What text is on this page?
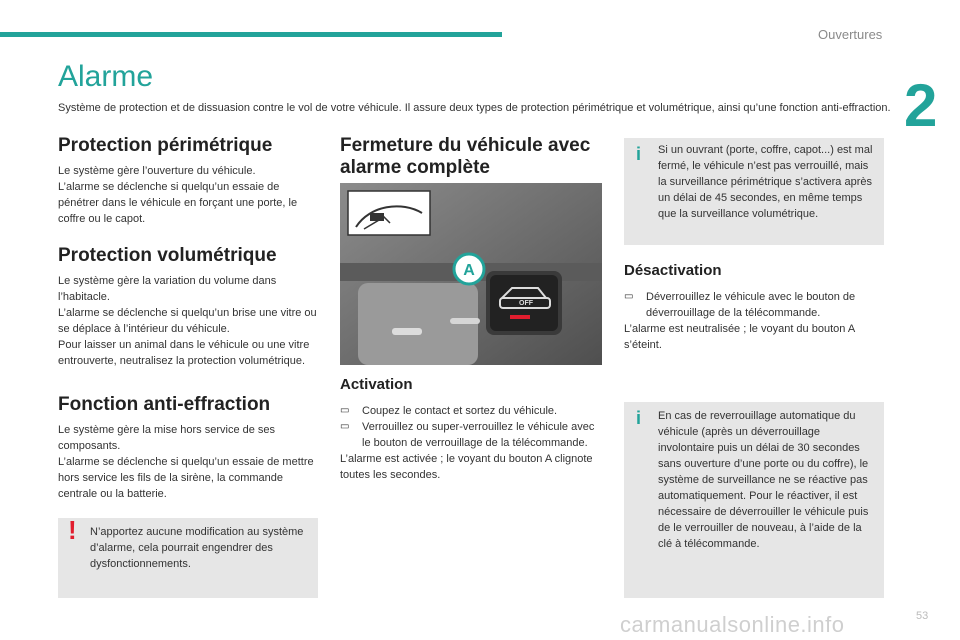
Ouvertures
2
Alarme

Système de protection et de dissuasion contre le vol de votre véhicule. Il assure deux types de protection périmétrique et volumétrique, ainsi qu’une fonction anti-effraction.

Protection périmétrique

Le système gère l’ouverture du véhicule.
L’alarme se déclenche si quelqu’un essaie de pénétrer dans le véhicule en forçant une porte, le coffre ou le capot.

Protection volumétrique

Le système gère la variation du volume dans l’habitacle.
L’alarme se déclenche si quelqu’un brise une vitre ou se déplace à l’intérieur du véhicule.
Pour laisser un animal dans le véhicule ou une vitre entrouverte, neutralisez la protection volumétrique.

Fonction anti-effraction

Le système gère la mise hors service de ses composants.
L’alarme se déclenche si quelqu’un essaie de mettre hors service les fils de la sirène, la commande centrale ou la batterie.

! N’apportez aucune modification au système d’alarme, cela pourrait engendrer des dysfonctionnements.
Fermeture du véhicule avec alarme complète
A
OFF
Activation
▭ Coupez le contact et sortez du véhicule.
▭ Verrouillez ou super-verrouillez le véhicule avec le bouton de verrouillage de la télécommande.

L’alarme est activée ; le voyant du bouton A clignote toutes les secondes.

i Si un ouvrant (porte, coffre, capot...) est mal fermé, le véhicule n’est pas verrouillé, mais la surveillance périmétrique s’activera après un délai de 45 secondes, en même temps que la surveillance volumétrique.
Désactivation
▭ Déverrouillez le véhicule avec le bouton de déverrouillage de la télécommande.

L’alarme est neutralisée ; le voyant du bouton A s’éteint.

i En cas de reverrouillage automatique du véhicule (après un déverrouillage involontaire puis un délai de 30 secondes sans ouverture d’une porte ou du coffre), le système de surveillance ne se réactive pas automatiquement. Pour le réactiver, il est nécessaire de déverrouiller le véhicule puis de le verrouiller de nouveau, à l’aide de la clé à télécommande.
carmanualsonline.info	53
